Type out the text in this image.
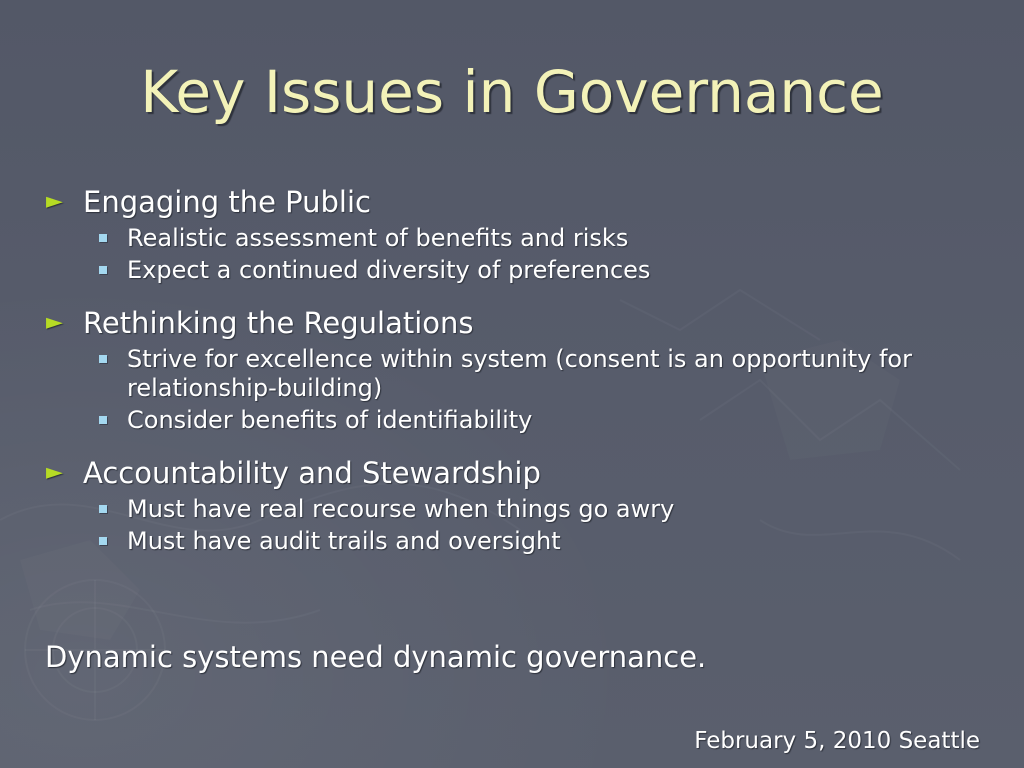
Key Issues in Governance
► Engaging the Public
Realistic assessment of benefits and risks
Expect a continued diversity of preferences
► Rethinking the Regulations
Strive for excellence within system (consent is an opportunity for relationship-building)
Consider benefits of identifiability
► Accountability and Stewardship
Must have real recourse when things go awry
Must have audit trails and oversight
Dynamic systems need dynamic governance.
February 5, 2010 Seattle
